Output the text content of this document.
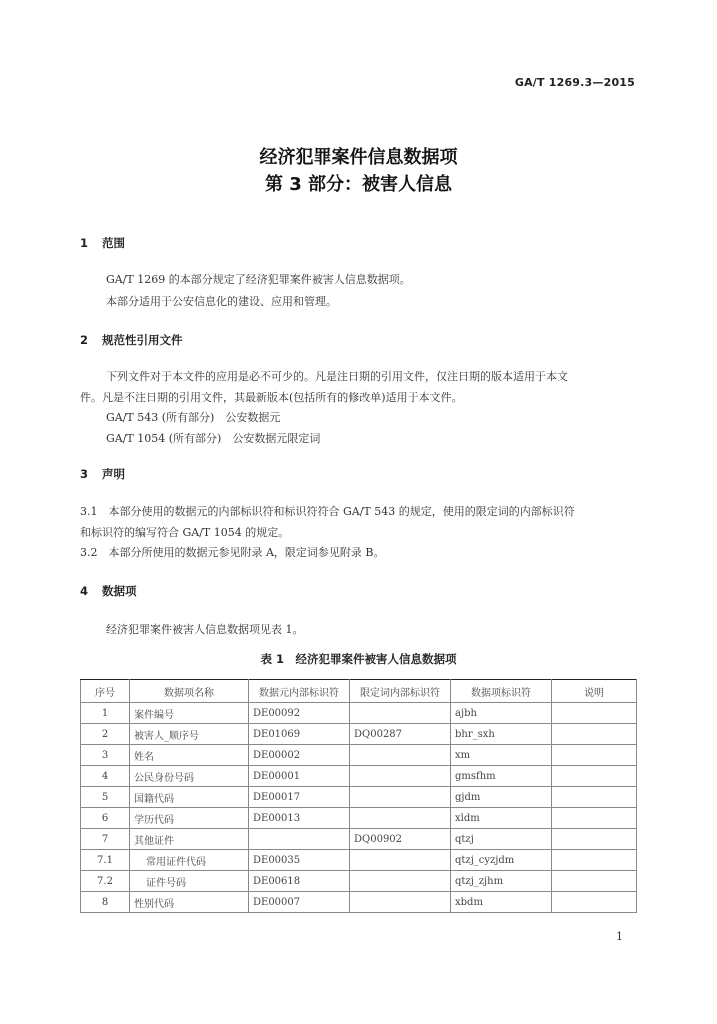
GA/T 1269.3—2015
经济犯罪案件信息数据项
第 3 部分：被害人信息
1 范围
GA/T 1269 的本部分规定了经济犯罪案件被害人信息数据项。
本部分适用于公安信息化的建设、应用和管理。
2 规范性引用文件
下列文件对于本文件的应用是必不可少的。凡是注日期的引用文件，仅注日期的版本适用于本文
件。凡是不注日期的引用文件，其最新版本(包括所有的修改单)适用于本文件。
GA/T 543 (所有部分)　公安数据元
GA/T 1054 (所有部分)　公安数据元限定词
3 声明
3.1　本部分使用的数据元的内部标识符和标识符符合 GA/T 543 的规定，使用的限定词的内部标识符
和标识符的编写符合 GA/T 1054 的规定。
3.2　本部分所使用的数据元参见附录 A，限定词参见附录 B。
4 数据项
经济犯罪案件被害人信息数据项见表 1。
表 1　经济犯罪案件被害人信息数据项
序号	数据项名称	数据元内部标识符	限定词内部标识符	数据项标识符	说明
1	案件编号	DE00092		ajbh	
2	被害人_顺序号	DE01069	DQ00287	bhr_sxh	
3	姓名	DE00002		xm	
4	公民身份号码	DE00001		gmsfhm	
5	国籍代码	DE00017		gjdm	
6	学历代码	DE00013		xldm	
7	其他证件		DQ00902	qtzj	
7.1	常用证件代码	DE00035		qtzj_cyzjdm	
7.2	证件号码	DE00618		qtzj_zjhm	
8	性别代码	DE00007		xbdm	
1
